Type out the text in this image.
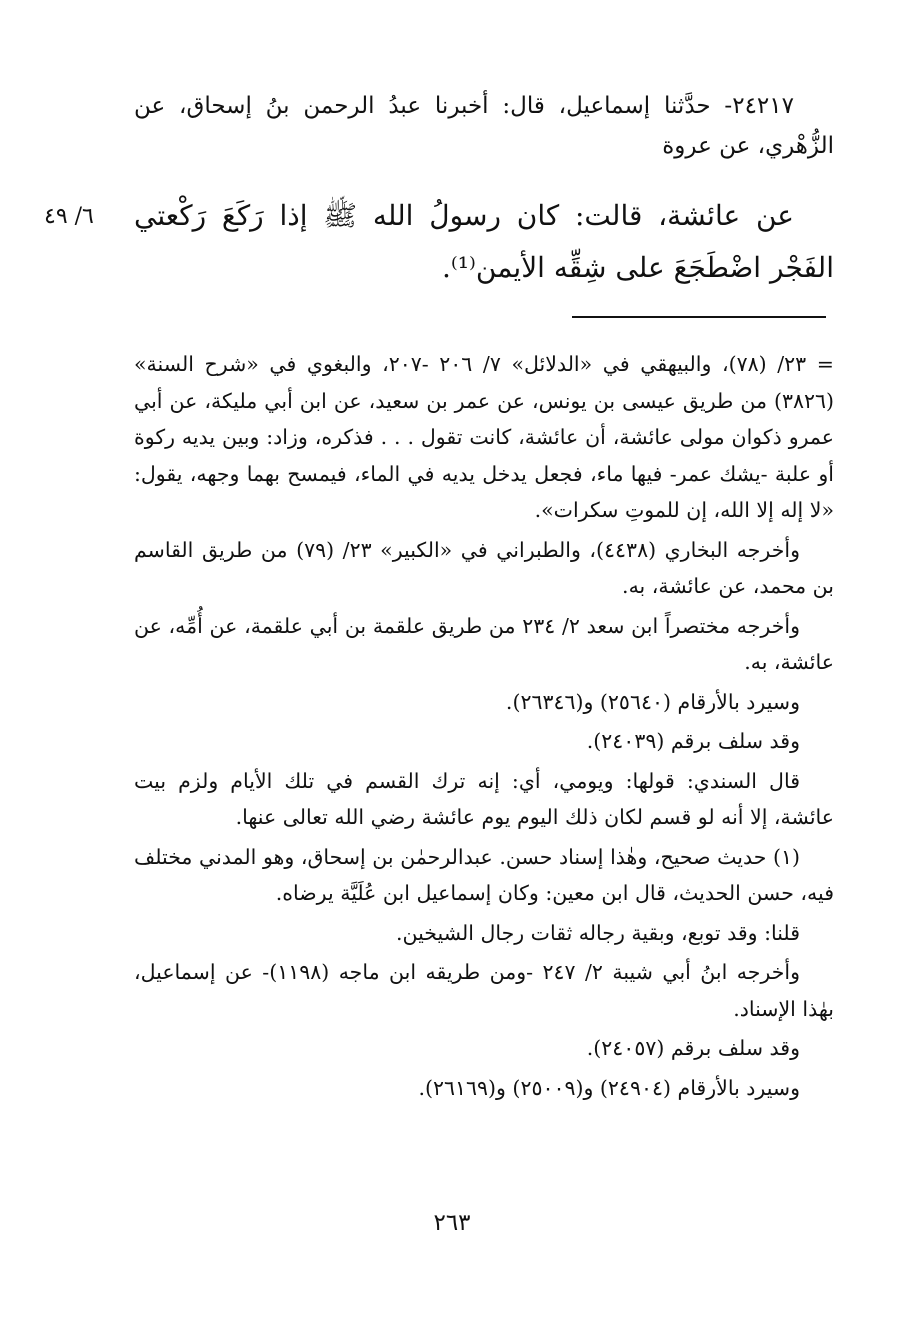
٢٤٢١٧- حدَّثنا إسماعيل، قال: أخبرنا عبدُ الرحمن بنُ إسحاق، عن الزُّهْري، عن عروة

عن عائشة، قالت: كان رسولُ الله ﷺ إذا رَكَعَ رَكْعتي الفَجْر اضْطَجَعَ على شِقِّه الأيمن⁽¹⁾.

٦/ ٤٩

= ٢٣/ (٧٨)، والبيهقي في «الدلائل» ٧/ ٢٠٦ -٢٠٧، والبغوي في «شرح السنة» (٣٨٢٦) من طريق عيسى بن يونس، عن عمر بن سعيد، عن ابن أبي مليكة، عن أبي عمرو ذكوان مولى عائشة، أن عائشة، كانت تقول . . . فذكره، وزاد: وبين يديه ركوة أو علبة -يشك عمر- فيها ماء، فجعل يدخل يديه في الماء، فيمسح بهما وجهه، يقول: «لا إله إلا الله، إن للموتِ سكرات».

وأخرجه البخاري (٤٤٣٨)، والطبراني في «الكبير» ٢٣/ (٧٩) من طريق القاسم بن محمد، عن عائشة، به.

وأخرجه مختصراً ابن سعد ٢/ ٢٣٤ من طريق علقمة بن أبي علقمة، عن أُمِّه، عن عائشة، به.

وسيرد بالأرقام (٢٥٦٤٠) و(٢٦٣٤٦).

وقد سلف برقم (٢٤٠٣٩).

قال السندي: قولها: ويومي، أي: إنه ترك القسم في تلك الأيام ولزم بيت عائشة، إلا أنه لو قسم لكان ذلك اليوم يوم عائشة رضي الله تعالى عنها.

(١) حديث صحيح، وهٰذا إسناد حسن. عبدالرحمٰن بن إسحاق، وهو المدني مختلف فيه، حسن الحديث، قال ابن معين: وكان إسماعيل ابن عُلَيَّة يرضاه.

قلنا: وقد توبع، وبقية رجاله ثقات رجال الشيخين.

وأخرجه ابنُ أبي شيبة ٢/ ٢٤٧ -ومن طريقه ابن ماجه (١١٩٨)- عن إسماعيل، بهٰذا الإسناد.

وقد سلف برقم (٢٤٠٥٧).

وسيرد بالأرقام (٢٤٩٠٤) و(٢٥٠٠٩) و(٢٦١٦٩).

٢٦٣
